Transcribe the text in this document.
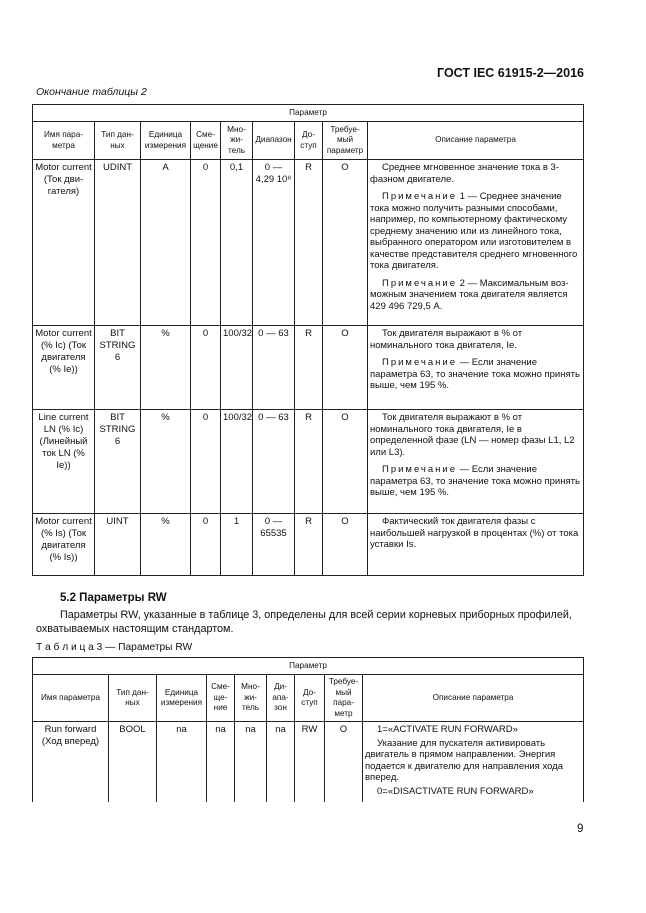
ГОСТ IEC 61915-2—2016
Окончание таблицы 2
Параметр								
Имя параметра	Тип данных	Единица измерения	Смещение	Множитель	Диапазон	Доступ	Требуемый параметр	Описание параметра
Motor current (Ток двигателя)	UDINT	A	0	0,1	0 — 4,29 10⁸	R	O	Среднее мгновенное значение тока в 3-фазном двигателе.

Примечание 1 — Среднее значение тока можно получить разными способами, например, по компьютерному фактическому среднему значению или из линейного тока, выбранного оператором или изготовителем в качестве представителя среднего мгновенного тока двигателя.

Примечание 2 — Максимальным возможным значением тока двигателя является 429 496 729,5 A.

Motor current (% Ic) (Ток двигателя (% Ie))	BIT STRING 6	%	0	100/32	0 — 63	R	O	Ток двигателя выражают в % от номинального тока двигателя, Ie.

Примечание — Если значение параметра 63, то значение тока можно принять выше, чем 195 %.

Line current LN (% Ic) (Линейный ток LN (% Ie))	BIT STRING 6	%	0	100/32	0 — 63	R	O	Ток двигателя выражают в % от номинального тока двигателя, Ie в определенной фазе (LN — номер фазы L1, L2 или L3).

Примечание — Если значение параметра 63, то значение тока можно принять выше, чем 195 %.

Motor current (% Is) (Ток двигателя (% Is))	UINT	%	0	1	0 — 65535	R	O	Фактический ток двигателя фазы с наибольшей нагрузкой в процентах (%) от тока уставки Is.

5.2 Параметры RW
Параметры RW, указанные в таблице 3, определены для всей серии корневых приборных профилей, охватываемых настоящим стандартом.
Т а б л и ц а 3 — Параметры RW
Параметр								
Имя параметра	Тип данных	Единица измерения	Смещение	Множитель	Диапазон	Доступ	Требуемый параметр	Описание параметра
Run forward (Ход вперед)	BOOL	na	na	na	na	RW	O	1=«ACTIVATE RUN FORWARD»

Указание для пускателя активировать двигатель в прямом направлении. Энергия подается к двигателю для направления хода вперед.

0=«DISACTIVATE RUN FORWARD»

9
